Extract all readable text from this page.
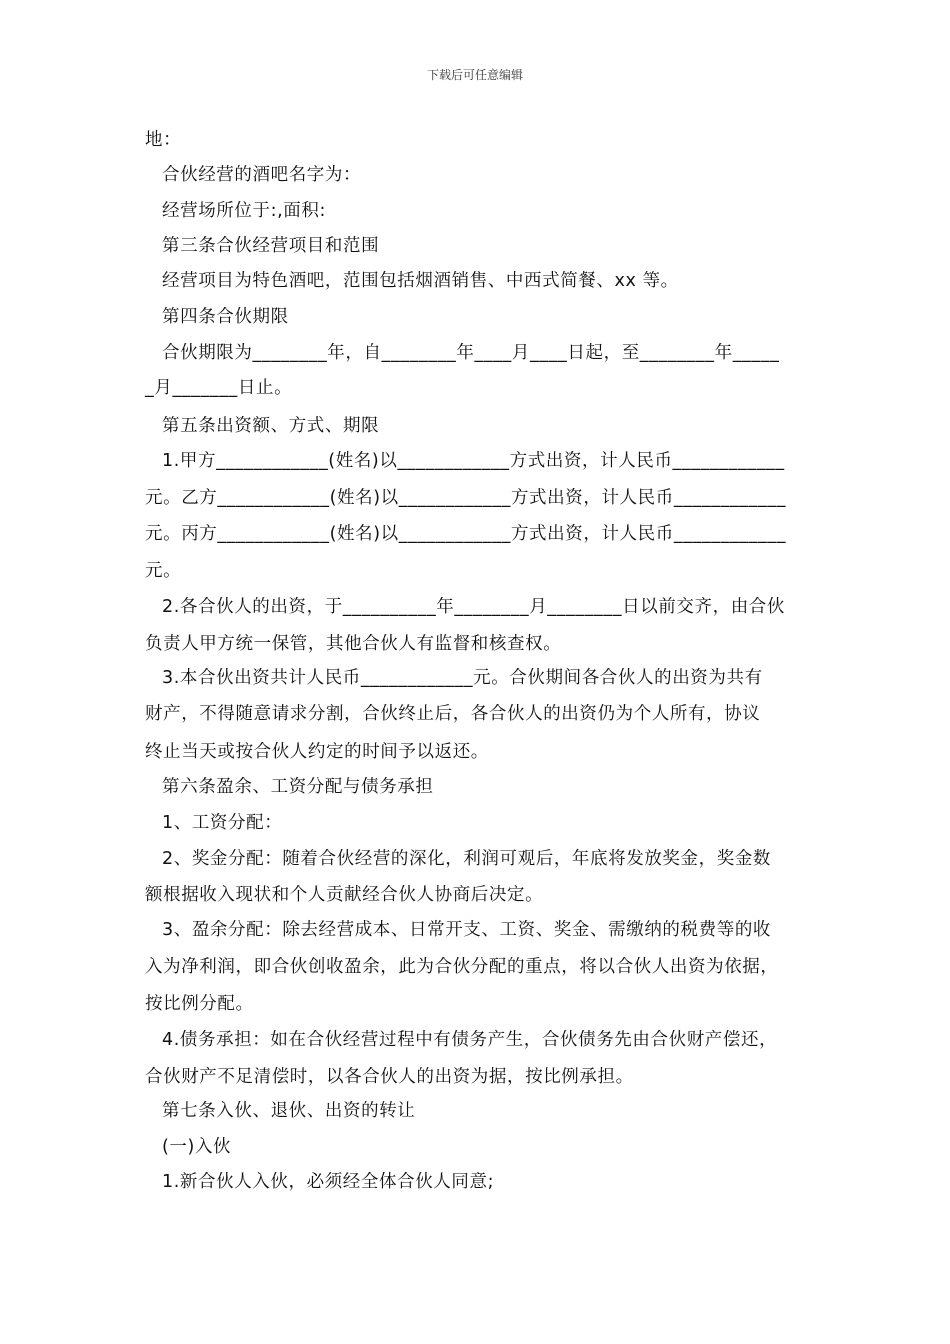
下载后可任意编辑
地：
合伙经营的酒吧名字为：
经营场所位于:,面积:
第三条合伙经营项目和范围
经营项目为特色酒吧，范围包括烟酒销售、中西式简餐、xx 等。
第四条合伙期限
合伙期限为________年，自________年____月____日起，至________年_____
_月_______日止。
第五条出资额、方式、期限
1.甲方____________(姓名)以____________方式出资，计人民币____________
元。乙方____________(姓名)以____________方式出资，计人民币____________
元。丙方____________(姓名)以____________方式出资，计人民币____________
元。
2.各合伙人的出资，于__________年________月________日以前交齐，由合伙
负责人甲方统一保管，其他合伙人有监督和核查权。
3.本合伙出资共计人民币____________元。合伙期间各合伙人的出资为共有
财产，不得随意请求分割，合伙终止后，各合伙人的出资仍为个人所有，协议
终止当天或按合伙人约定的时间予以返还。
第六条盈余、工资分配与债务承担
1、工资分配：
2、奖金分配：随着合伙经营的深化，利润可观后，年底将发放奖金，奖金数
额根据收入现状和个人贡献经合伙人协商后决定。
3、盈余分配：除去经营成本、日常开支、工资、奖金、需缴纳的税费等的收
入为净利润，即合伙创收盈余，此为合伙分配的重点，将以合伙人出资为依据，
按比例分配。
4.债务承担：如在合伙经营过程中有债务产生，合伙债务先由合伙财产偿还，
合伙财产不足清偿时，以各合伙人的出资为据，按比例承担。
第七条入伙、退伙、出资的转让
(一)入伙
1.新合伙人入伙，必须经全体合伙人同意;
